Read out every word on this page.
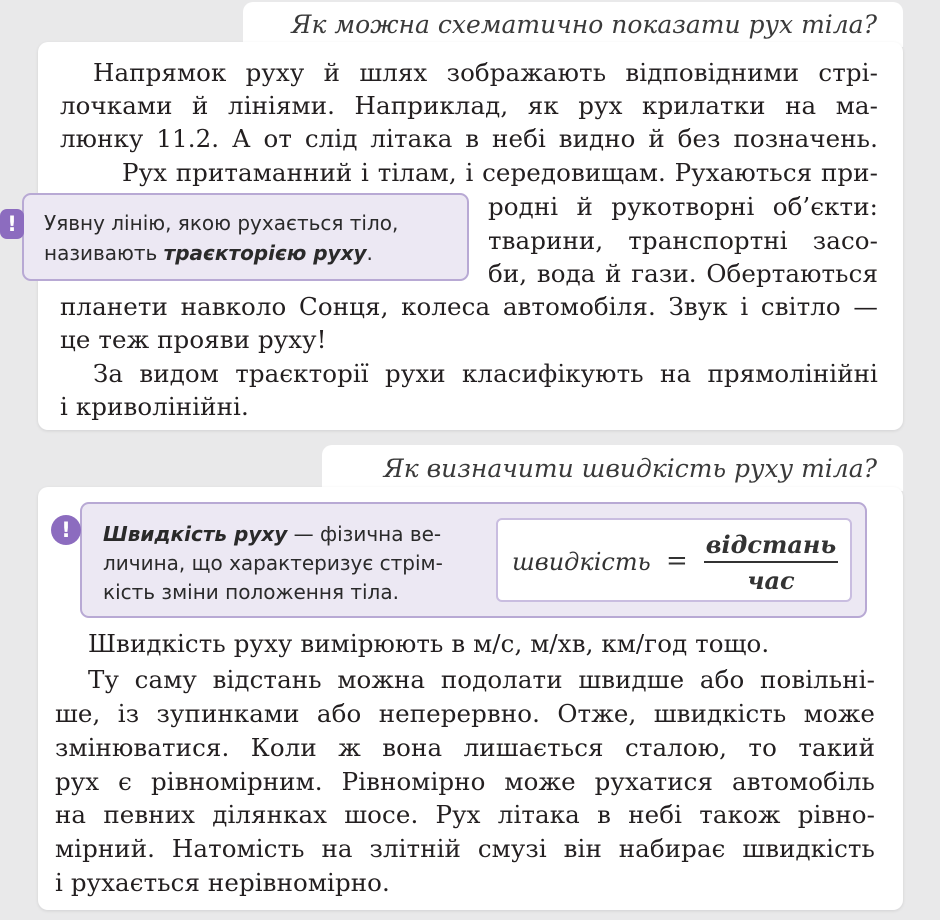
Як можна схематично показати рух тіла?
Напрямок руху й шлях зображають відповідними стрі-
лочками й лініями. Наприклад, як рух крилатки на ма-
люнку 11.2. А от слід літака в небі видно й без позначень.
Рух притаманний і тілам, і середовищам. Рухаються при-
родні й рукотворні об’єкти:
тварини, транспортні засо-
би, вода й гази. Обертаються
планети навколо Сонця, колеса автомобіля. Звук і світло —
це теж прояви руху!
За видом траєкторії рухи класифікують на прямолінійні
і криволінійні.
Уявну лінію, якою рухається тіло,
називають траєкторією руху.
!
Як визначити швидкість руху тіла?
Швидкість руху — фізична ве-
личина, що характеризує стрім-
кість зміни положення тіла.
!
швидкість =
відстань
час
Швидкість руху вимірюють в м/с, м/хв, км/год тощо.
Ту саму відстань можна подолати швидше або повільні-
ше, із зупинками або неперервно. Отже, швидкість може
змінюватися. Коли ж вона лишається сталою, то такий
рух є рівномірним. Рівномірно може рухатися автомобіль
на певних ділянках шосе. Рух літака в небі також рівно-
мірний. Натомість на злітній смузі він набирає швидкість
і рухається нерівномірно.
